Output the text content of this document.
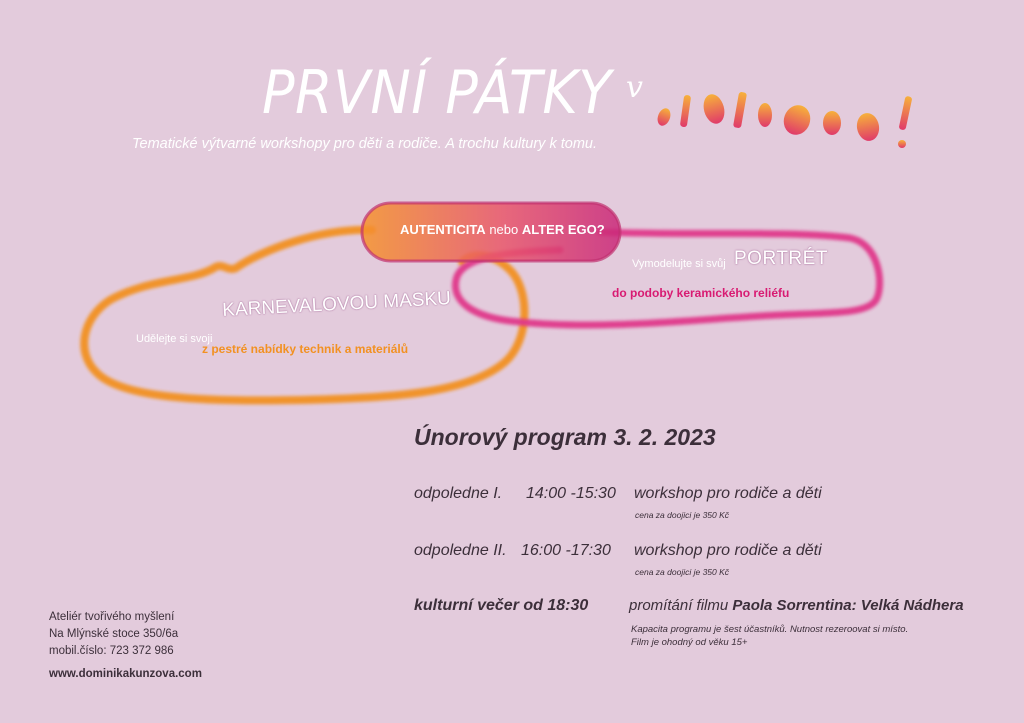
PRVNÍ PÁTKY v
Tematické výtvarné workshopy pro děti a rodiče. A trochu kultury k tomu.
AUTENTICITA nebo ALTER EGO?
Vymodelujte si svůj PORTRÉT
do podoby keramického reliéfu
Udělejte si svoji
KARNEVALOVOU MASKU
z pestré nabídky technik a materiálů
Únorový program 3. 2. 2023
odpoledne I. 14:00 -15:30 workshop pro rodiče a děti
cena za doojici je 350 Kč
odpoledne II. 16:00 -17:30 workshop pro rodiče a děti
cena za doojici je 350 Kč
kulturní večer od 18:30	promítání filmu Paola Sorrentina: Velká Nádhera
Kapacita programu je šest účastníků. Nutnost rezeroovat si místo.
Film je ohodný od věku 15+
Ateliér tvořivého myšlení
Na Mlýnské stoce 350/6a
mobil.číslo: 723 372 986
www.dominikakunzova.com
